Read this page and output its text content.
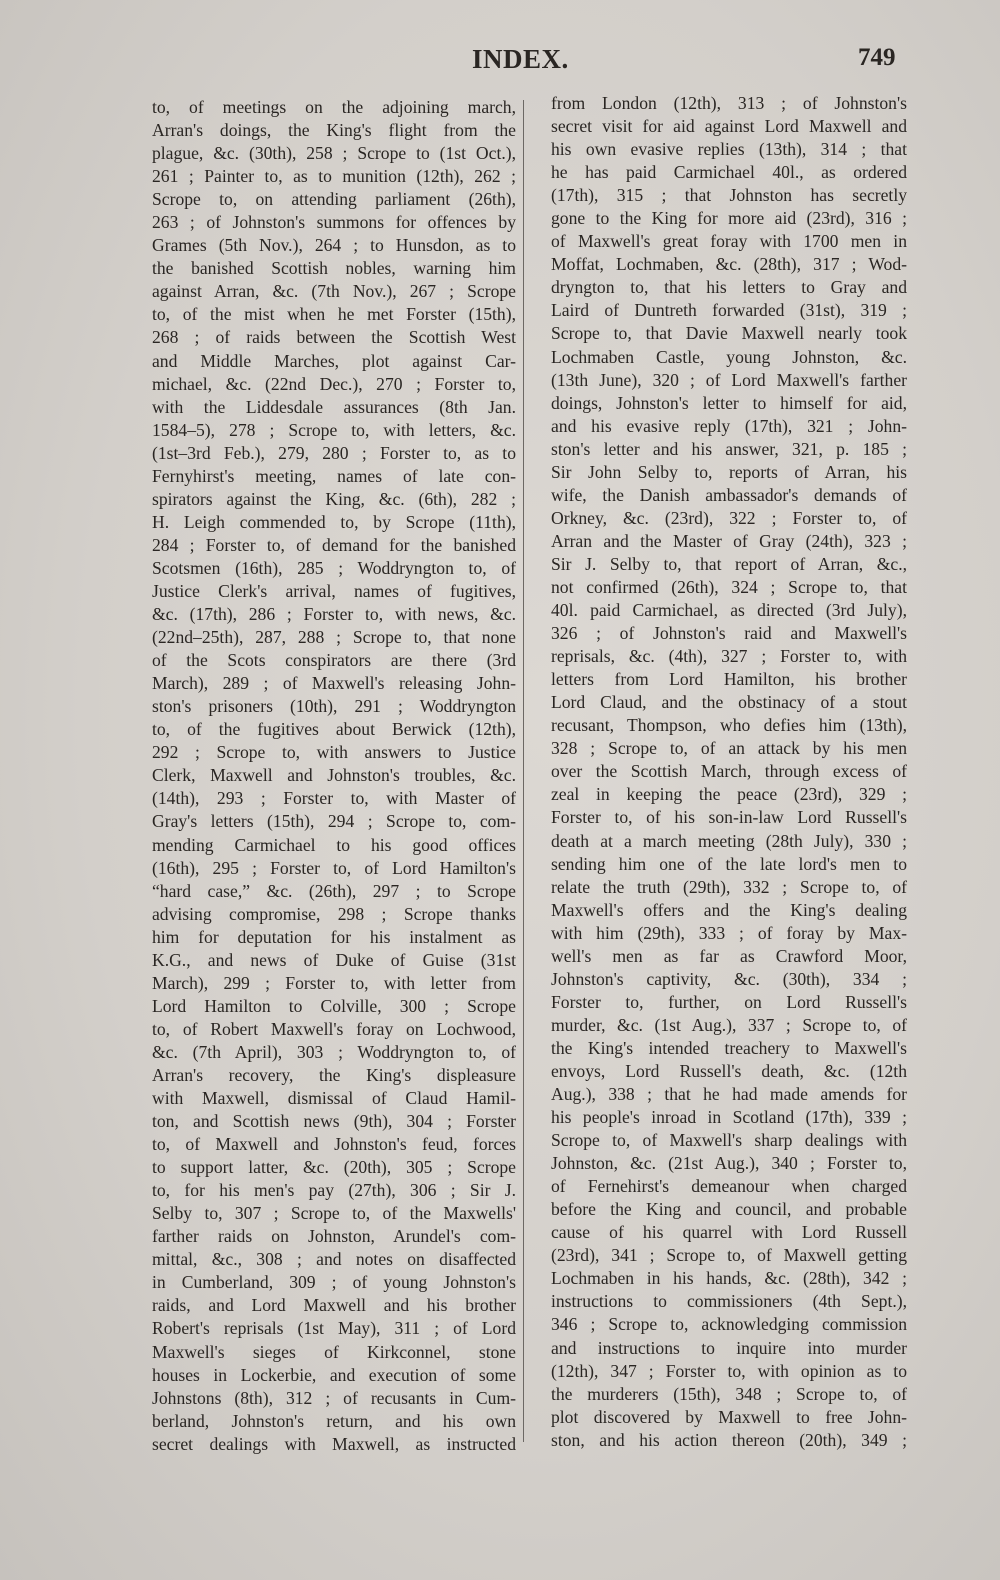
INDEX.	749
to, of meetings on the adjoining march,
Arran's doings, the King's flight from the
plague, &c. (30th), 258 ; Scrope to (1st Oct.),
261 ; Painter to, as to munition (12th), 262 ;
Scrope to, on attending parliament (26th),
263 ; of Johnston's summons for offences by
Grames (5th Nov.), 264 ; to Hunsdon, as to
the banished Scottish nobles, warning him
against Arran, &c. (7th Nov.), 267 ; Scrope
to, of the mist when he met Forster (15th),
268 ; of raids between the Scottish West
and Middle Marches, plot against Car-
michael, &c. (22nd Dec.), 270 ; Forster to,
with the Liddesdale assurances (8th Jan.
1584–5), 278 ; Scrope to, with letters, &c.
(1st–3rd Feb.), 279, 280 ; Forster to, as to
Fernyhirst's meeting, names of late con-
spirators against the King, &c. (6th), 282 ;
H. Leigh commended to, by Scrope (11th),
284 ; Forster to, of demand for the banished
Scotsmen (16th), 285 ; Woddryngton to, of
Justice Clerk's arrival, names of fugitives,
&c. (17th), 286 ; Forster to, with news, &c.
(22nd–25th), 287, 288 ; Scrope to, that none
of the Scots conspirators are there (3rd
March), 289 ; of Maxwell's releasing John-
ston's prisoners (10th), 291 ; Woddryngton
to, of the fugitives about Berwick (12th),
292 ; Scrope to, with answers to Justice
Clerk, Maxwell and Johnston's troubles, &c.
(14th), 293 ; Forster to, with Master of
Gray's letters (15th), 294 ; Scrope to, com-
mending Carmichael to his good offices
(16th), 295 ; Forster to, of Lord Hamilton's
“hard case,” &c. (26th), 297 ; to Scrope
advising compromise, 298 ; Scrope thanks
him for deputation for his instalment as
K.G., and news of Duke of Guise (31st
March), 299 ; Forster to, with letter from
Lord Hamilton to Colville, 300 ; Scrope
to, of Robert Maxwell's foray on Lochwood,
&c. (7th April), 303 ; Woddryngton to, of
Arran's recovery, the King's displeasure
with Maxwell, dismissal of Claud Hamil-
ton, and Scottish news (9th), 304 ; Forster
to, of Maxwell and Johnston's feud, forces
to support latter, &c. (20th), 305 ; Scrope
to, for his men's pay (27th), 306 ; Sir J.
Selby to, 307 ; Scrope to, of the Maxwells'
farther raids on Johnston, Arundel's com-
mittal, &c., 308 ; and notes on disaffected
in Cumberland, 309 ; of young Johnston's
raids, and Lord Maxwell and his brother
Robert's reprisals (1st May), 311 ; of Lord
Maxwell's sieges of Kirkconnel, stone
houses in Lockerbie, and execution of some
Johnstons (8th), 312 ; of recusants in Cum-
berland, Johnston's return, and his own
secret dealings with Maxwell, as instructed
from London (12th), 313 ; of Johnston's
secret visit for aid against Lord Maxwell and
his own evasive replies (13th), 314 ; that
he has paid Carmichael 40l., as ordered
(17th), 315 ; that Johnston has secretly
gone to the King for more aid (23rd), 316 ;
of Maxwell's great foray with 1700 men in
Moffat, Lochmaben, &c. (28th), 317 ; Wod-
dryngton to, that his letters to Gray and
Laird of Duntreth forwarded (31st), 319 ;
Scrope to, that Davie Maxwell nearly took
Lochmaben Castle, young Johnston, &c.
(13th June), 320 ; of Lord Maxwell's farther
doings, Johnston's letter to himself for aid,
and his evasive reply (17th), 321 ; John-
ston's letter and his answer, 321, p. 185 ;
Sir John Selby to, reports of Arran, his
wife, the Danish ambassador's demands of
Orkney, &c. (23rd), 322 ; Forster to, of
Arran and the Master of Gray (24th), 323 ;
Sir J. Selby to, that report of Arran, &c.,
not confirmed (26th), 324 ; Scrope to, that
40l. paid Carmichael, as directed (3rd July),
326 ; of Johnston's raid and Maxwell's
reprisals, &c. (4th), 327 ; Forster to, with
letters from Lord Hamilton, his brother
Lord Claud, and the obstinacy of a stout
recusant, Thompson, who defies him (13th),
328 ; Scrope to, of an attack by his men
over the Scottish March, through excess of
zeal in keeping the peace (23rd), 329 ;
Forster to, of his son-in-law Lord Russell's
death at a march meeting (28th July), 330 ;
sending him one of the late lord's men to
relate the truth (29th), 332 ; Scrope to, of
Maxwell's offers and the King's dealing
with him (29th), 333 ; of foray by Max-
well's men as far as Crawford Moor,
Johnston's captivity, &c. (30th), 334 ;
Forster to, further, on Lord Russell's
murder, &c. (1st Aug.), 337 ; Scrope to, of
the King's intended treachery to Maxwell's
envoys, Lord Russell's death, &c. (12th
Aug.), 338 ; that he had made amends for
his people's inroad in Scotland (17th), 339 ;
Scrope to, of Maxwell's sharp dealings with
Johnston, &c. (21st Aug.), 340 ; Forster to,
of Fernehirst's demeanour when charged
before the King and council, and probable
cause of his quarrel with Lord Russell
(23rd), 341 ; Scrope to, of Maxwell getting
Lochmaben in his hands, &c. (28th), 342 ;
instructions to commissioners (4th Sept.),
346 ; Scrope to, acknowledging commission
and instructions to inquire into murder
(12th), 347 ; Forster to, with opinion as to
the murderers (15th), 348 ; Scrope to, of
plot discovered by Maxwell to free John-
ston, and his action thereon (20th), 349 ;
